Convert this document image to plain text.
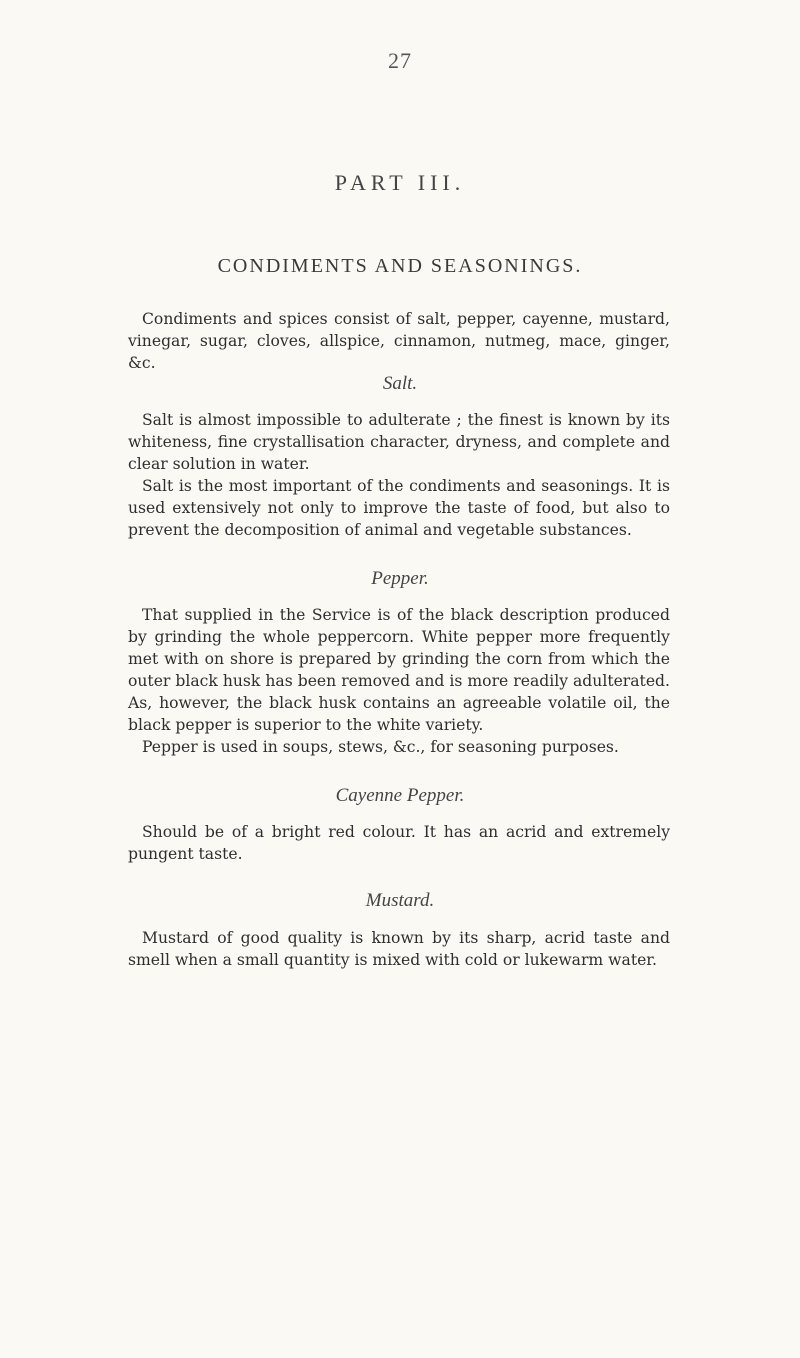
27
PART III.
CONDIMENTS AND SEASONINGS.

Condiments and spices consist of salt, pepper, cayenne, mustard, vinegar, sugar, cloves, allspice, cinnamon, nutmeg, mace, ginger, &c.

Salt.

Salt is almost impossible to adulterate ; the finest is known by its whiteness, fine crystallisation character, dryness, and complete and clear solution in water.

Salt is the most important of the condiments and seasonings. It is used extensively not only to improve the taste of food, but also to prevent the decomposition of animal and vegetable substances.

Pepper.

That supplied in the Service is of the black description produced by grinding the whole peppercorn. White pepper more frequently met with on shore is prepared by grinding the corn from which the outer black husk has been removed and is more readily adulterated. As, however, the black husk contains an agreeable volatile oil, the black pepper is superior to the white variety.

Pepper is used in soups, stews, &c., for seasoning purposes.

Cayenne Pepper.

Should be of a bright red colour. It has an acrid and extremely pungent taste.

Mustard.

Mustard of good quality is known by its sharp, acrid taste and smell when a small quantity is mixed with cold or lukewarm water.
